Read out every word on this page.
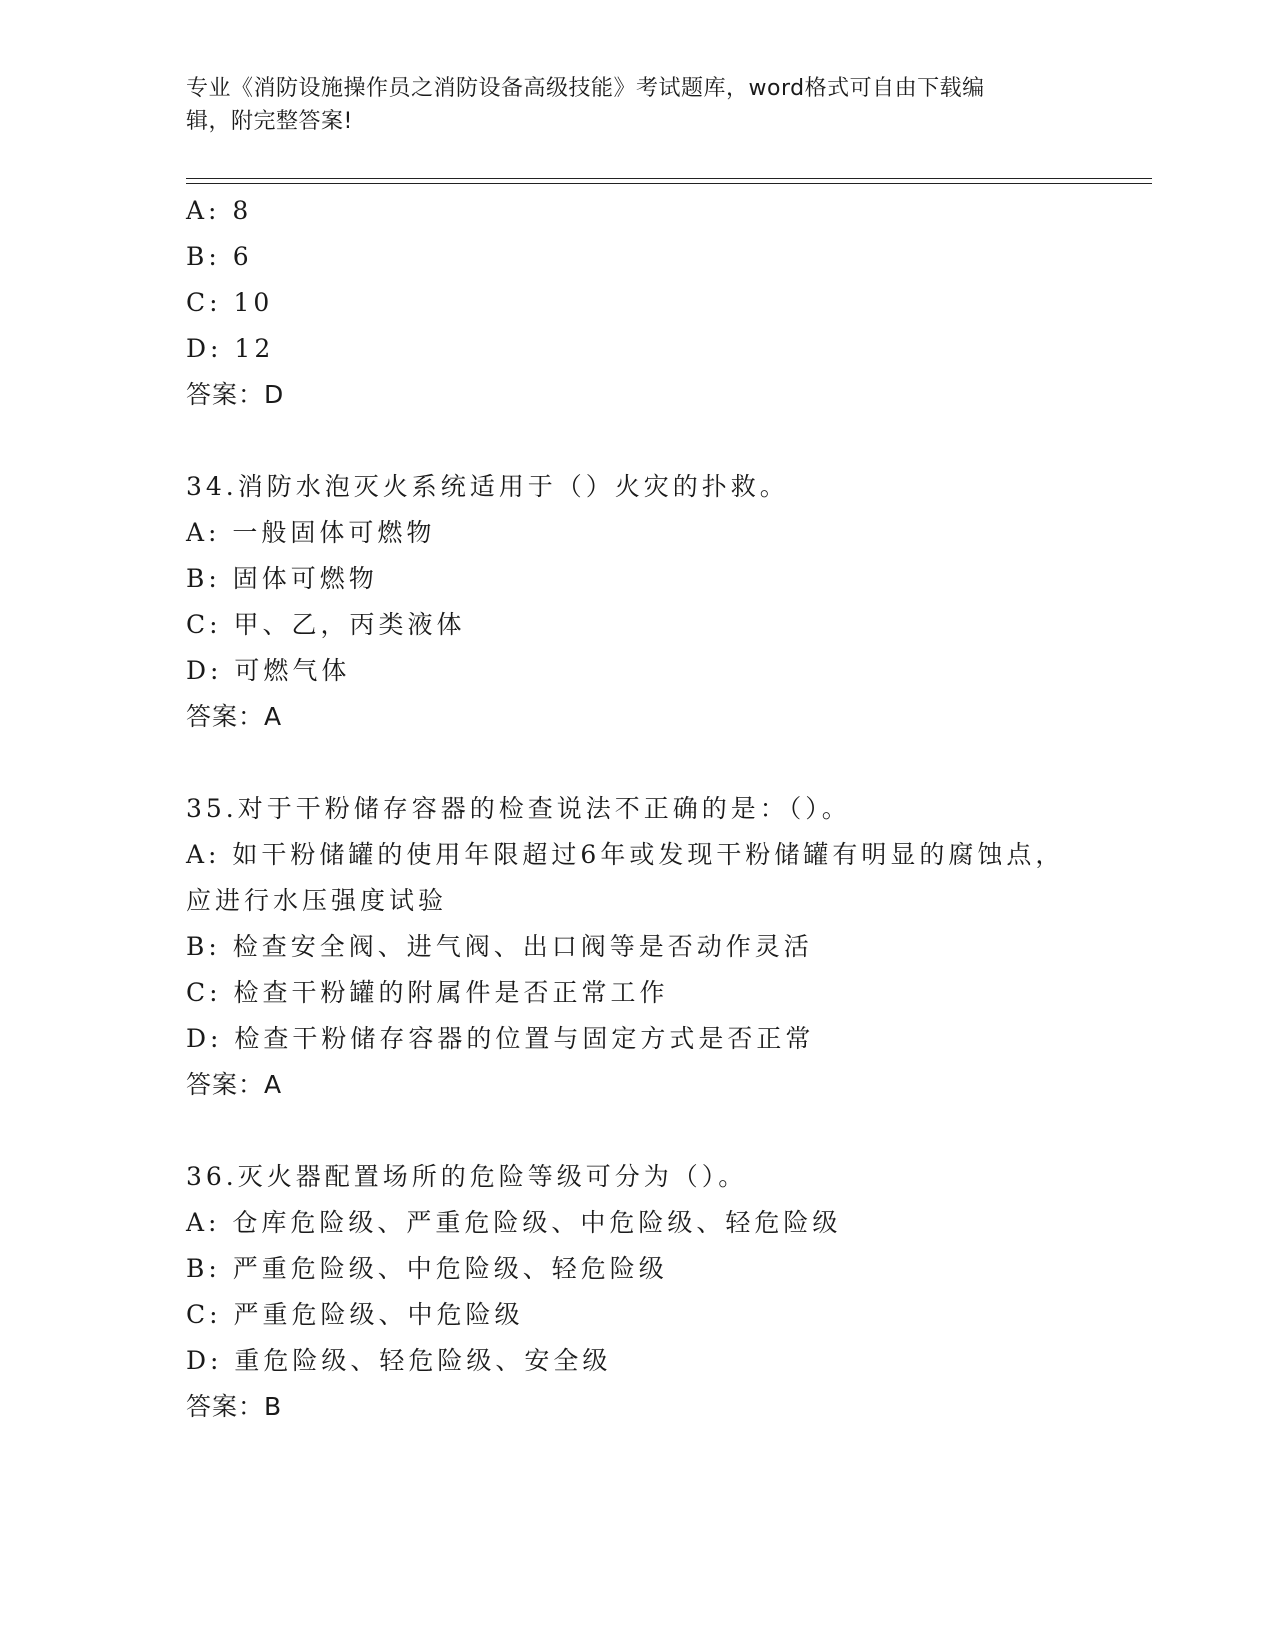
专业《消防设施操作员之消防设备高级技能》考试题库，word格式可自由下载编
辑，附完整答案!
A: 8
B: 6
C: 10
D: 12
答案：D
34.消防水泡灭火系统适用于（）火灾的扑救。
A: 一般固体可燃物
B: 固体可燃物
C: 甲、乙，丙类液体
D: 可燃气体
答案：A
35.对于干粉储存容器的检查说法不正确的是：（）。
A: 如干粉储罐的使用年限超过6年或发现干粉储罐有明显的腐蚀点，
应进行水压强度试验
B: 检查安全阀、进气阀、出口阀等是否动作灵活
C: 检查干粉罐的附属件是否正常工作
D: 检查干粉储存容器的位置与固定方式是否正常
答案：A
36.灭火器配置场所的危险等级可分为（）。
A: 仓库危险级、严重危险级、中危险级、轻危险级
B: 严重危险级、中危险级、轻危险级
C: 严重危险级、中危险级
D: 重危险级、轻危险级、安全级
答案：B
